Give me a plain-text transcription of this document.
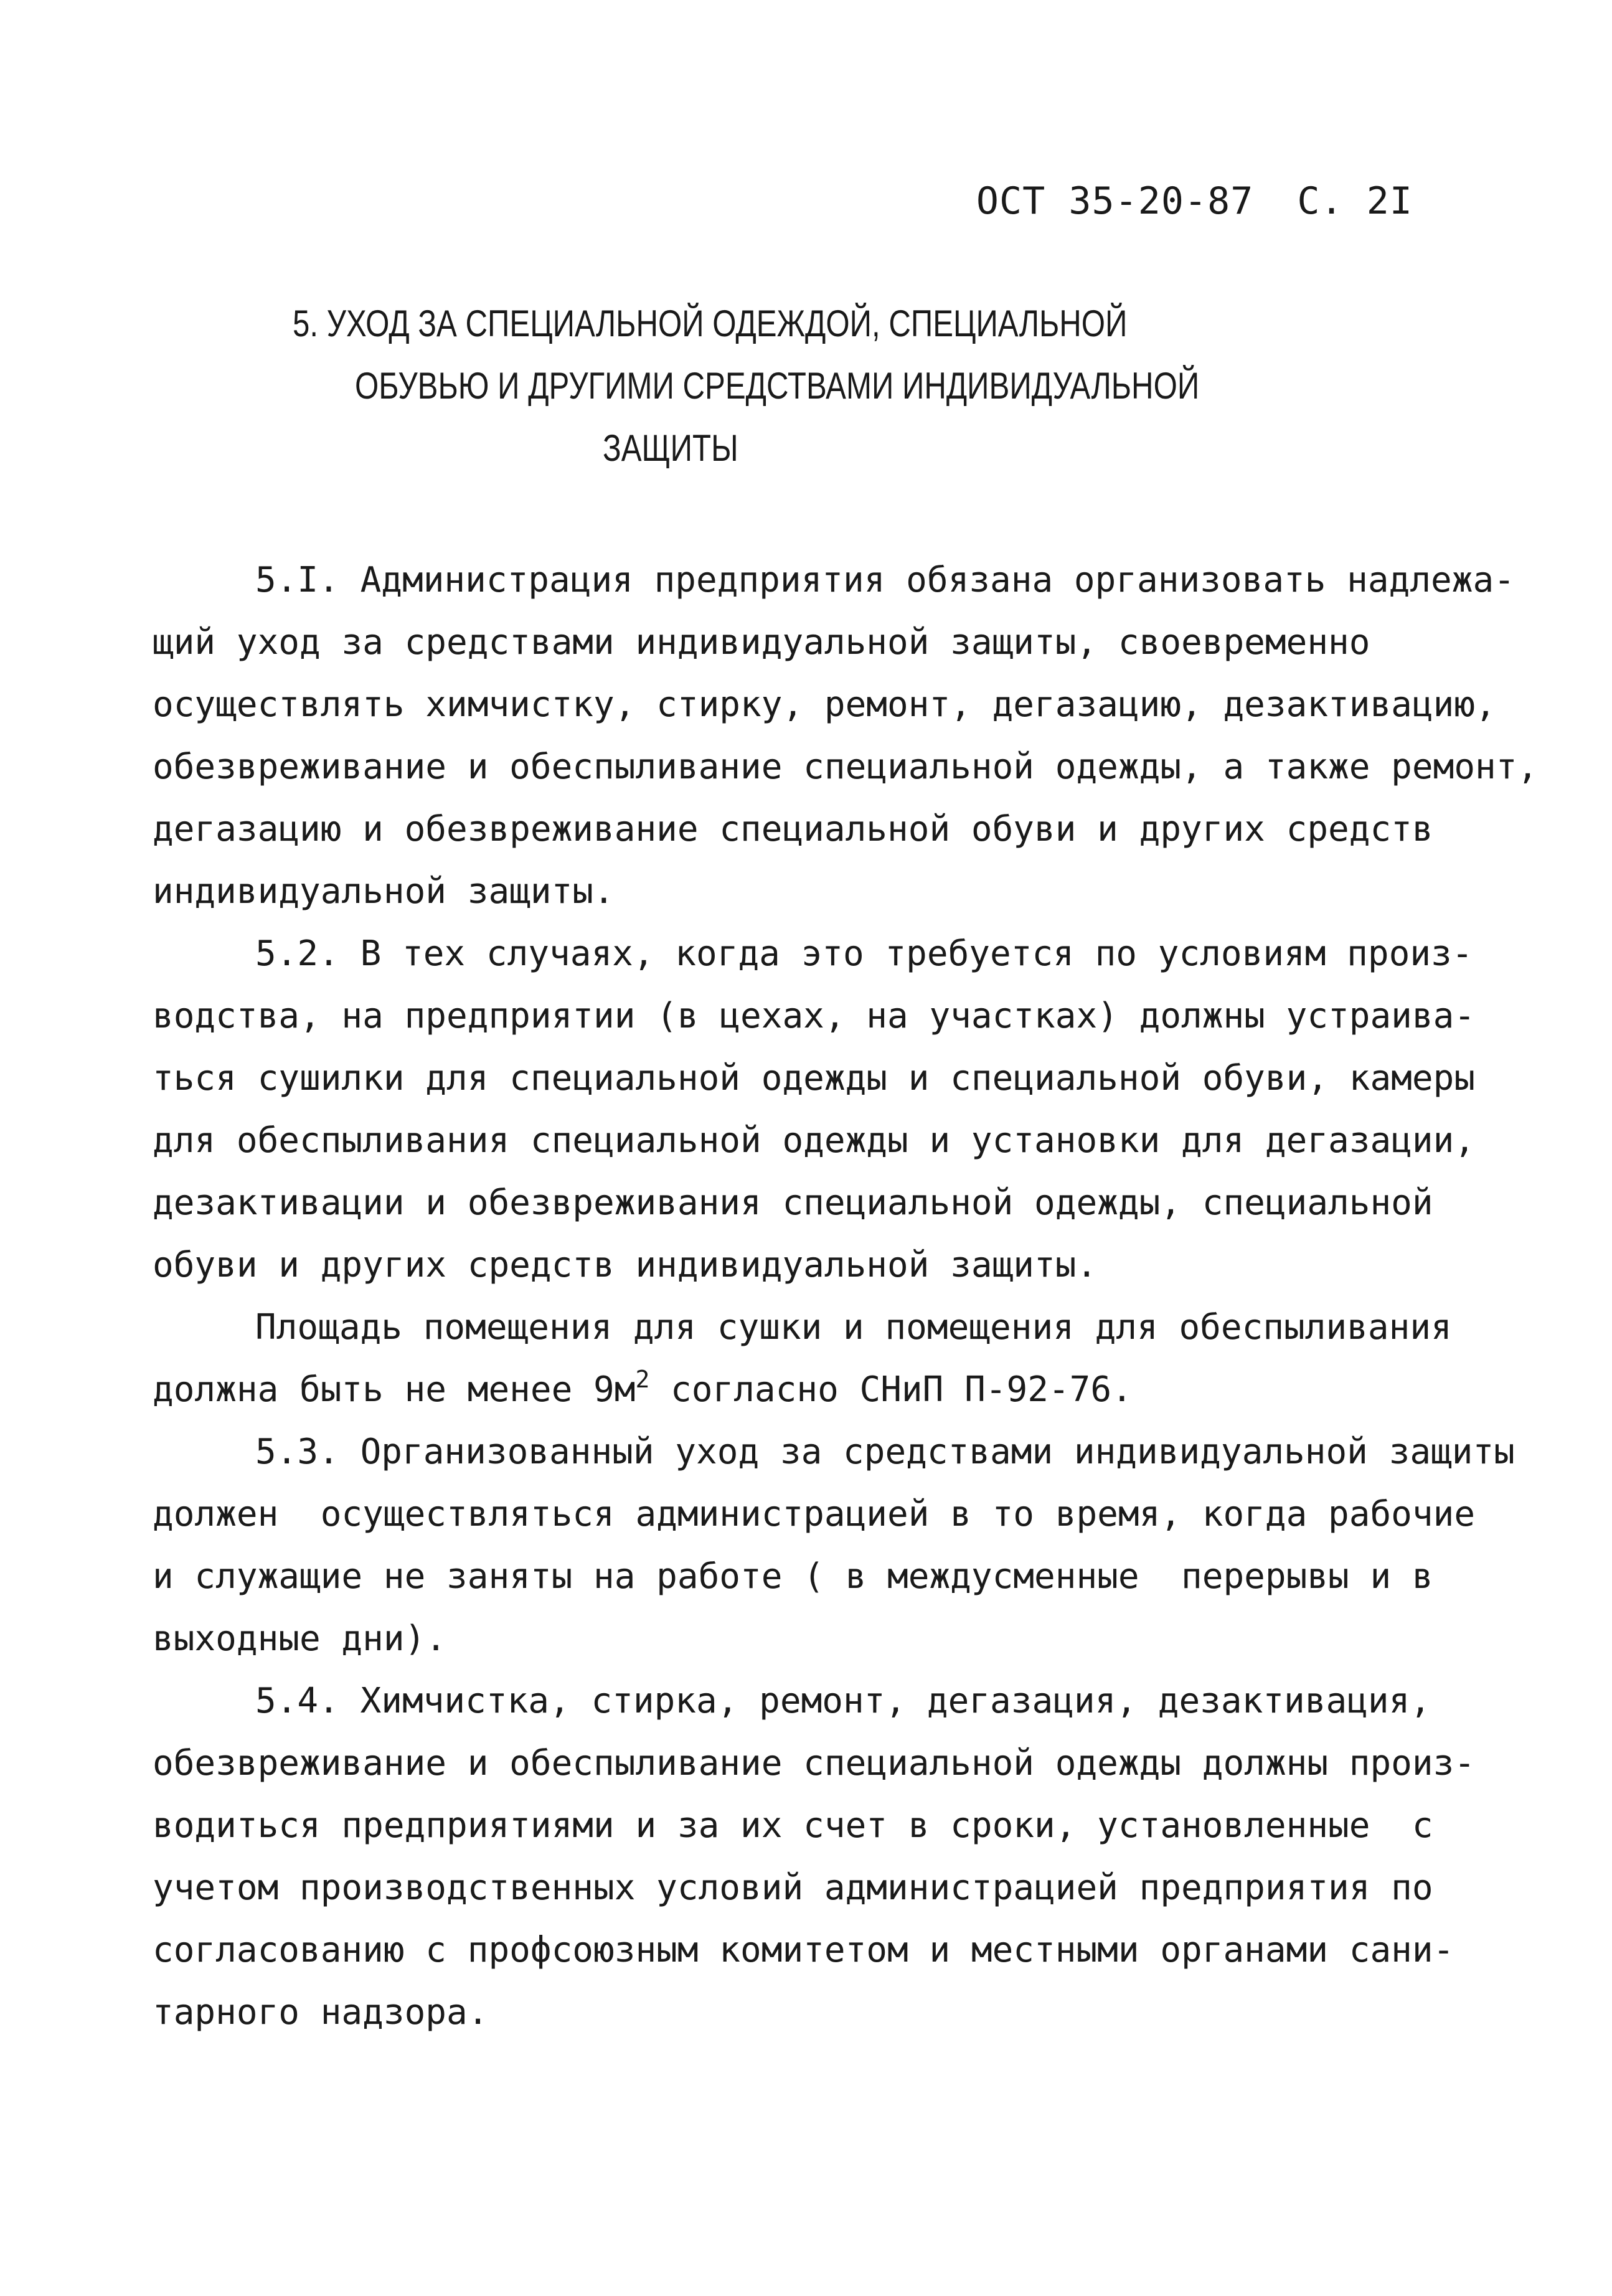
ОСТ 35-20-87 С. 2I
5. УХОД ЗА СПЕЦИАЛЬНОЙ ОДЕЖДОЙ, СПЕЦИАЛЬНОЙ
ОБУВЬЮ И ДРУГИМИ СРЕДСТВАМИ ИНДИВИДУАЛЬНОЙ
ЗАЩИТЫ
5.I. Администрация предприятия обязана организовать надлежа-
щий уход за средствами индивидуальной защиты, своевременно
осуществлять химчистку, стирку, ремонт, дегазацию, дезактивацию,
обезвреживание и обеспыливание специальной одежды, а также ремонт,
дегазацию и обезвреживание специальной обуви и других средств
индивидуальной защиты.
5.2. В тех случаях, когда это требуется по условиям произ-
водства, на предприятии (в цехах, на участках) должны устраива-
ться сушилки для специальной одежды и специальной обуви, камеры
для обеспыливания специальной одежды и установки для дегазации,
дезактивации и обезвреживания специальной одежды, специальной
обуви и других средств индивидуальной защиты.
Площадь помещения для сушки и помещения для обеспыливания
должна быть не менее $9м^2$ согласно СНиП П-92-76.
5.3. Организованный уход за средствами индивидуальной защиты
должен  осуществляться администрацией в то время, когда рабочие
и служащие не заняты на работе ( в междусменные  перерывы и в
выходные дни).
5.4. Химчистка, стирка, ремонт, дегазация, дезактивация,
обезвреживание и обеспыливание специальной одежды должны произ-
водиться предприятиями и за их счет в сроки, установленные  с
учетом производственных условий администрацией предприятия по
согласованию с профсоюзным комитетом и местными органами сани-
тарного надзора.
